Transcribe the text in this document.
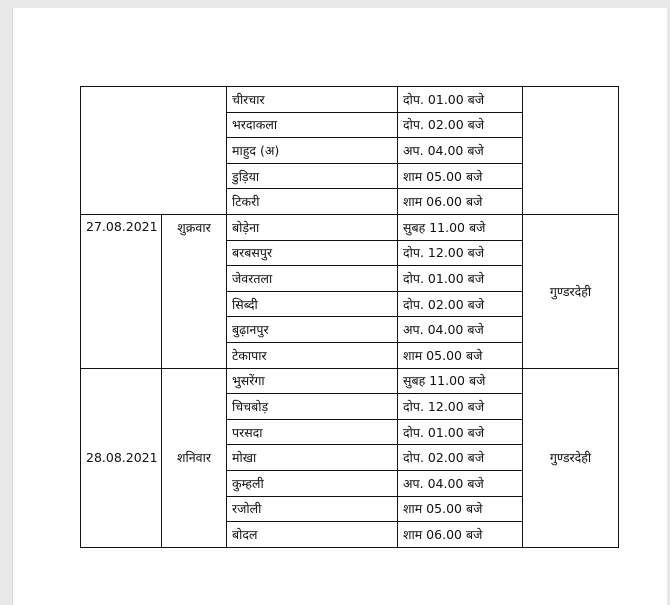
		चीरचार	दोप. 01.00 बजे	
		भरदाकला	दोप. 02.00 बजे	
		माहुद (अ)	अप. 04.00 बजे	
		डुड़िया	शाम 05.00 बजे	
		टिकरी	शाम 06.00 बजे	
27.08.2021	शुक्रवार	बोड़ेना	सुबह 11.00 बजे	गुण्डरदेही
		बरबसपुर	दोप. 12.00 बजे	
		जेवरतला	दोप. 01.00 बजे	
		सिब्दी	दोप. 02.00 बजे	
		बुढ़ानपुर	अप. 04.00 बजे	
		टेकापार	शाम 05.00 बजे	
28.08.2021	शनिवार	भुसरेंगा	सुबह 11.00 बजे	गुण्डरदेही
		चिचबोड़	दोप. 12.00 बजे	
		परसदा	दोप. 01.00 बजे	
		मोखा	दोप. 02.00 बजे	
		कुम्हली	अप. 04.00 बजे	
		रजोली	शाम 05.00 बजे	
		बोदल	शाम 06.00 बजे	
